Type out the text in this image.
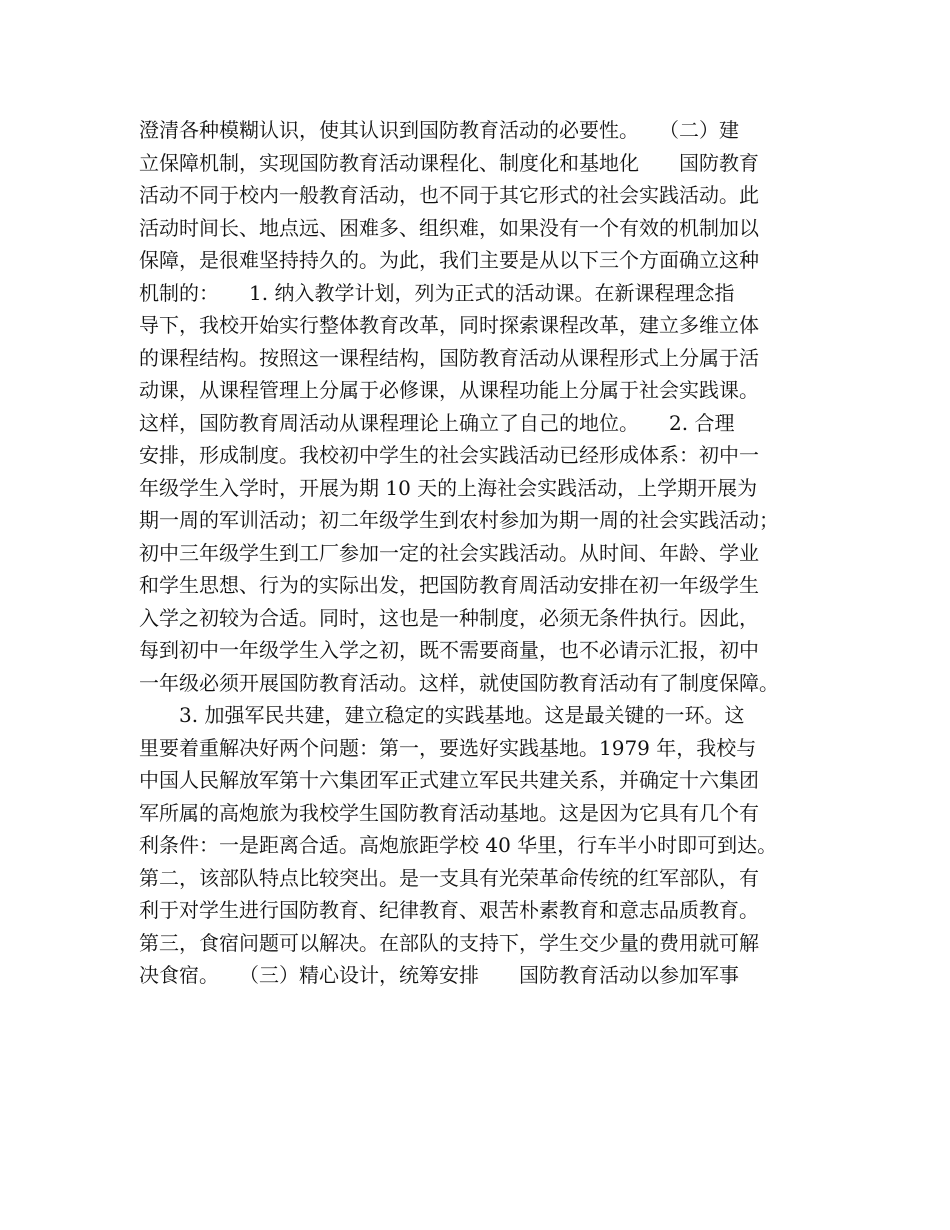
澄清各种模糊认识，使其认识到国防教育活动的必要性。　　（二）建
立保障机制，实现国防教育活动课程化、制度化和基地化　　国防教育
活动不同于校内一般教育活动，也不同于其它形式的社会实践活动。此
活动时间长、地点远、困难多、组织难，如果没有一个有效的机制加以
保障，是很难坚持持久的。为此，我们主要是从以下三个方面确立这种
机制的：　　1. 纳入教学计划，列为正式的活动课。在新课程理念指
导下，我校开始实行整体教育改革，同时探索课程改革，建立多维立体
的课程结构。按照这一课程结构，国防教育活动从课程形式上分属于活
动课，从课程管理上分属于必修课，从课程功能上分属于社会实践课。
这样，国防教育周活动从课程理论上确立了自己的地位。　　2. 合理
安排，形成制度。我校初中学生的社会实践活动已经形成体系：初中一
年级学生入学时，开展为期 10 天的上海社会实践活动，上学期开展为
期一周的军训活动；初二年级学生到农村参加为期一周的社会实践活动；
初中三年级学生到工厂参加一定的社会实践活动。从时间、年龄、学业
和学生思想、行为的实际出发，把国防教育周活动安排在初一年级学生
入学之初较为合适。同时，这也是一种制度，必须无条件执行。因此，
每到初中一年级学生入学之初，既不需要商量，也不必请示汇报，初中
一年级必须开展国防教育活动。这样，就使国防教育活动有了制度保障。
　　3. 加强军民共建，建立稳定的实践基地。这是最关键的一环。这
里要着重解决好两个问题：第一，要选好实践基地。1979 年，我校与
中国人民解放军第十六集团军正式建立军民共建关系，并确定十六集团
军所属的高炮旅为我校学生国防教育活动基地。这是因为它具有几个有
利条件：一是距离合适。高炮旅距学校 40 华里，行车半小时即可到达。
第二，该部队特点比较突出。是一支具有光荣革命传统的红军部队，有
利于对学生进行国防教育、纪律教育、艰苦朴素教育和意志品质教育。
第三，食宿问题可以解决。在部队的支持下，学生交少量的费用就可解
决食宿。　　（三）精心设计，统筹安排　　国防教育活动以参加军事
